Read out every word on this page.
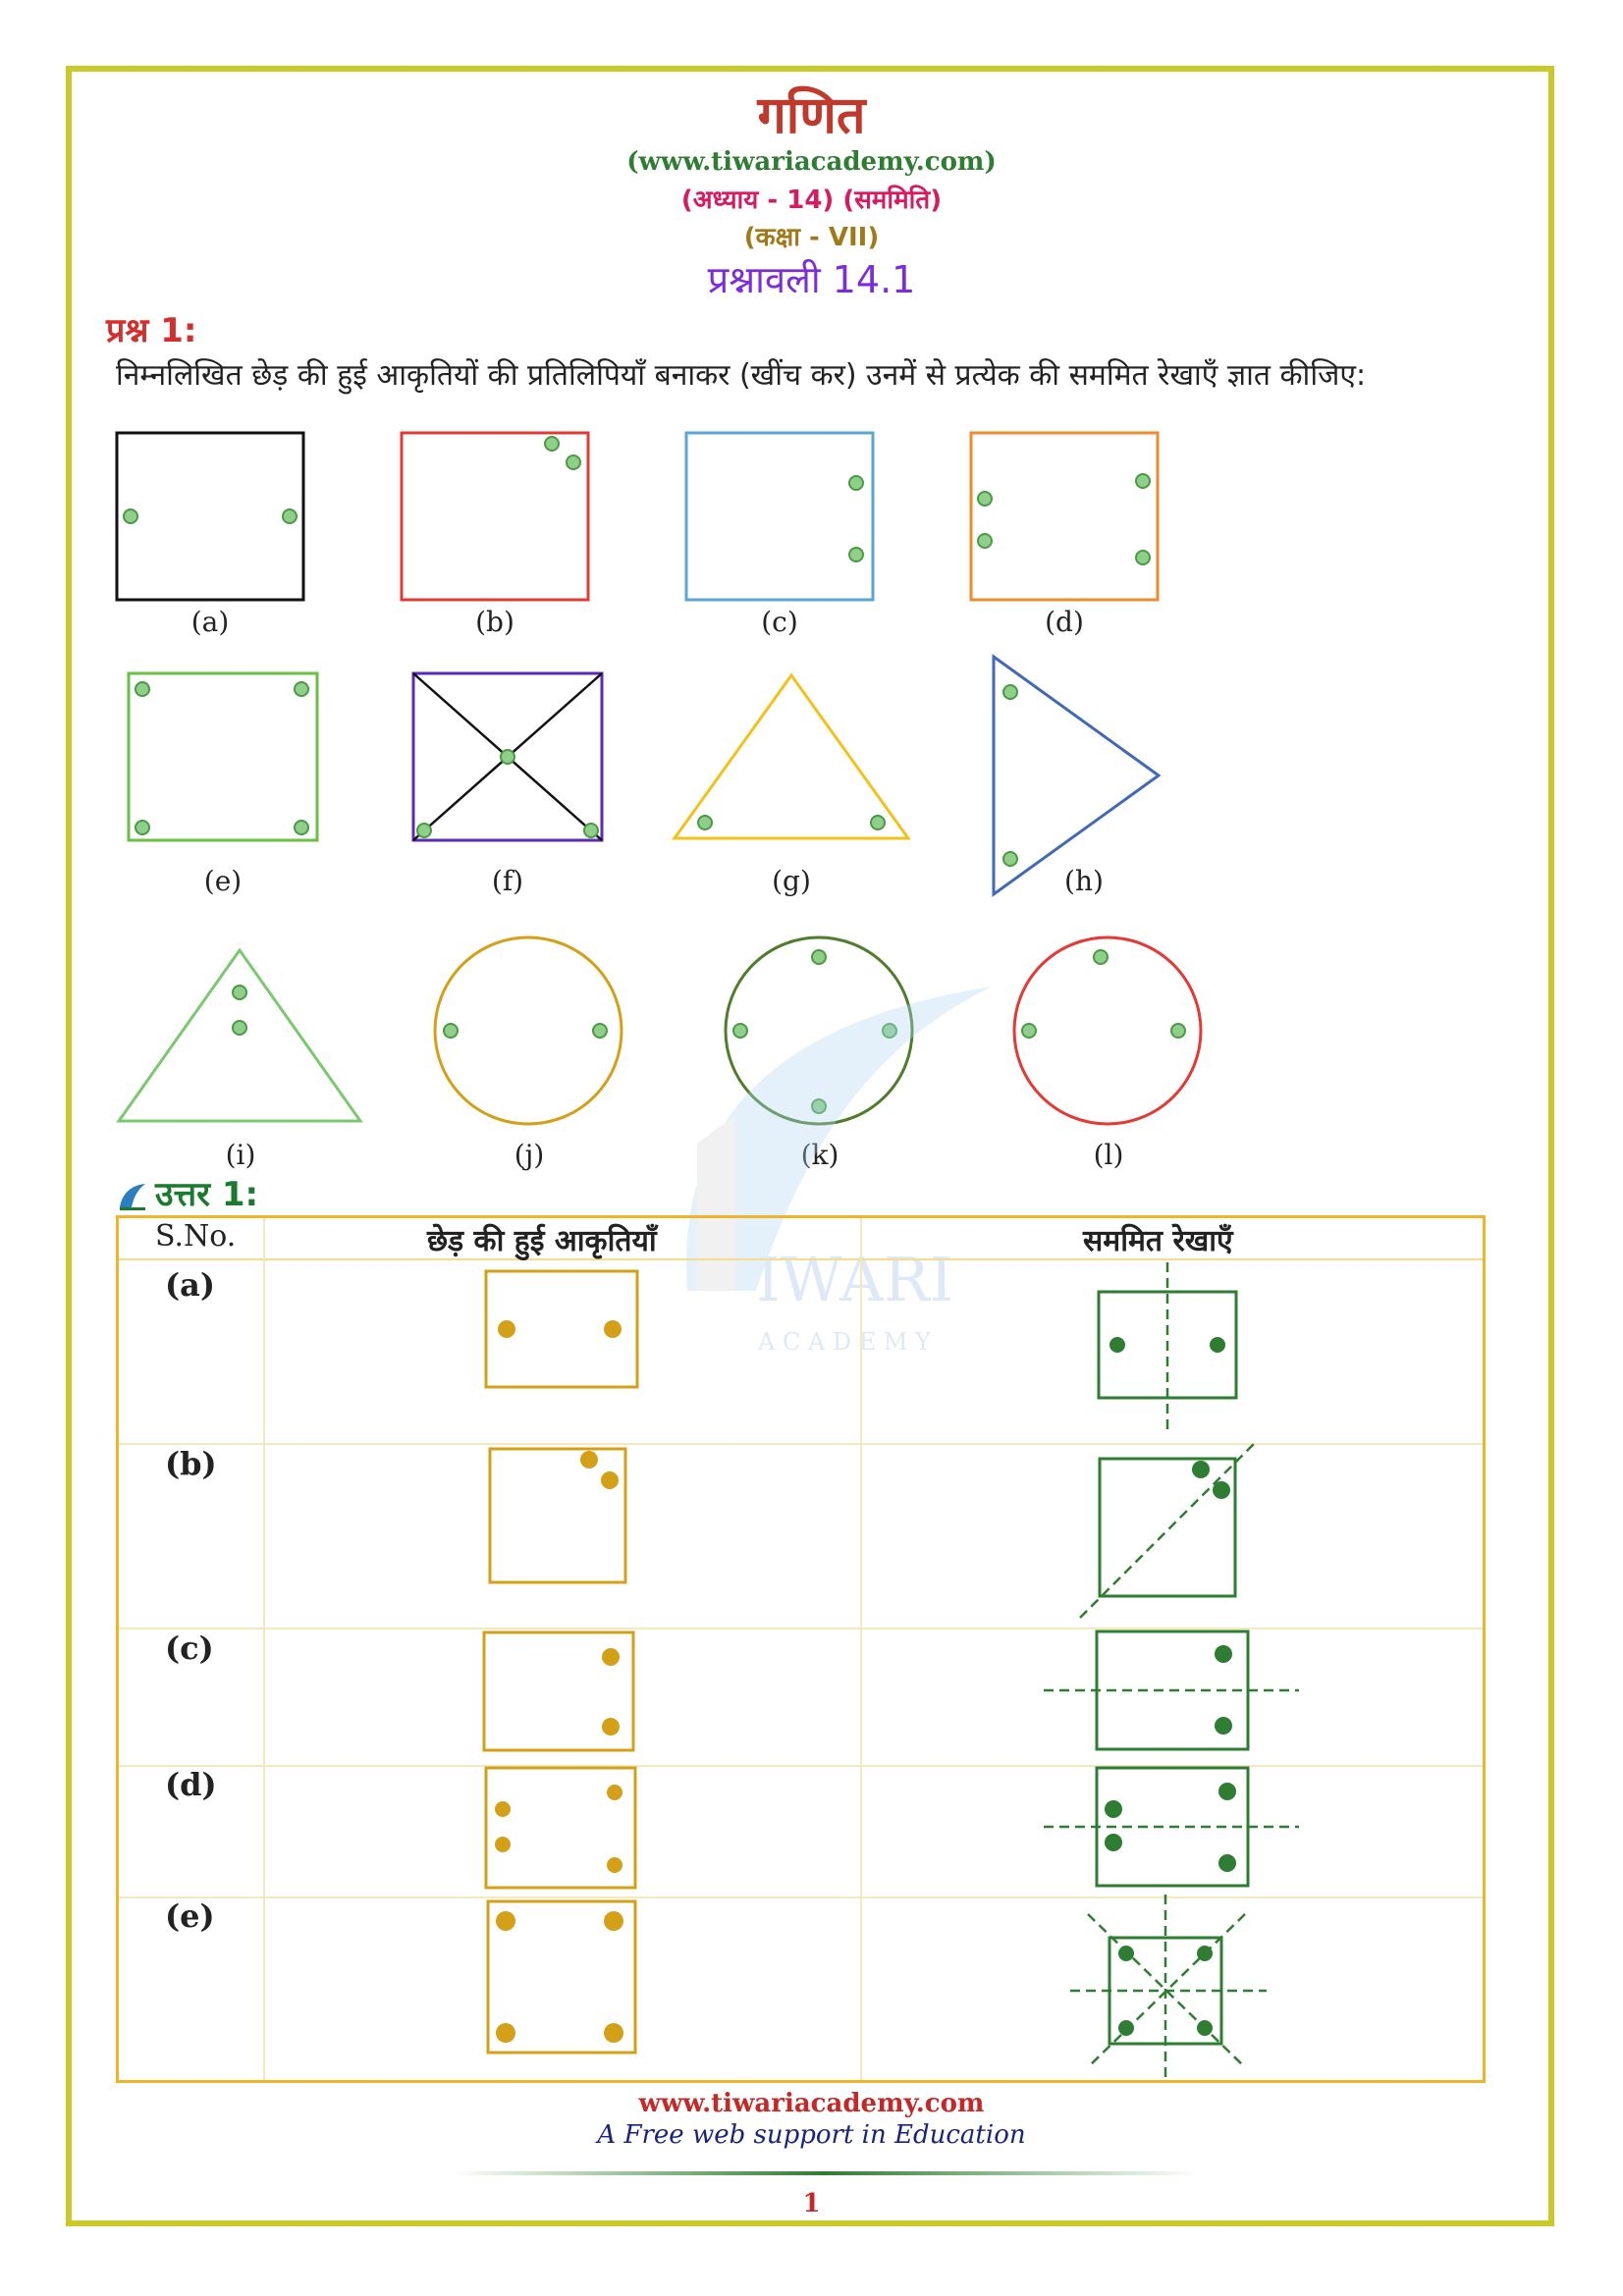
गणित
(www.tiwariacademy.com)
(अध्याय - 14) (सममिति)
(कक्षा - VII)
प्रश्नावली 14.1
प्रश्न 1:
निम्नलिखित छेड़ की हुई आकृतियों की प्रतिलिपियाँ बनाकर (खींच कर) उनमें से प्रत्येक की सममित रेखाएँ ज्ञात कीजिए:
(a)	(b)	(c)	(d)
(e)	(f)	(g)	(h)
(i)	(j)	(k)	(l)
उत्तर 1:
IWARI
A C A D E M Y
S.No.	छेड़ की हुई आकृतियाँ	सममित रेखाएँ
(a)
(b)
(c)
(d)
(e)
www.tiwariacademy.com
A Free web support in Education
1
